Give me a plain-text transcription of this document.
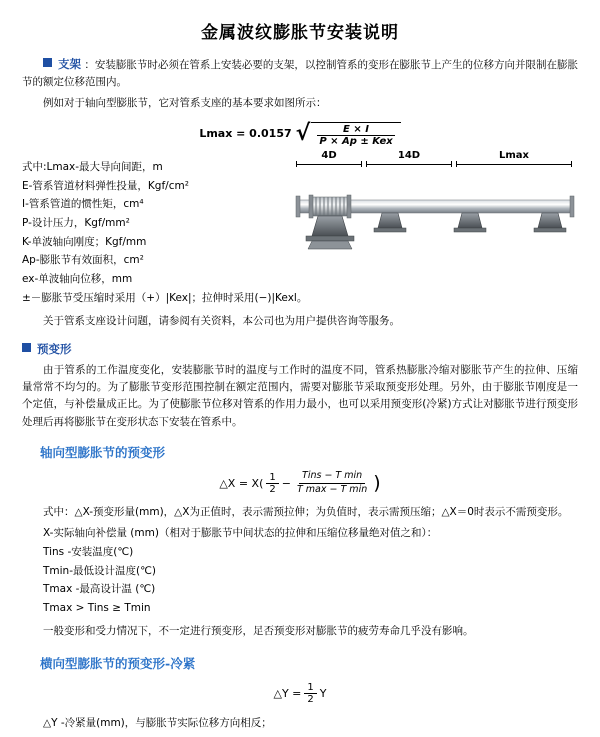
金属波纹膨胀节安装说明

支架 ：安装膨胀节时必须在管系上安装必要的支架，以控制管系的变形在膨胀节上产生的位移方向并限制在膨胀节的额定位移范围内。

例如对于轴向型膨胀节，它对管系支座的基本要求如图所示：

Lmax = 0.0157 √ $\frac{E \times I}{\text{P × Ap ± Kex}}$
4D	14D	Lmax
式中:Lmax-最大导向间距，m
E-管系管道材料弹性投量，Kgf/cm²
I-管系管道的惯性矩，cm⁴
P-设计压力，Kgf/mm²
K-单波轴向刚度；Kgf/mm
Ap-膨胀节有效面积，cm²
ex-单波轴向位移，mm
±－膨胀节受压缩时采用（+）|Kex|；拉伸时采用(−)|Kexl。

关于管系支座设计问题，请参阅有关资料，本公司也为用户提供咨询等服务。

预变形

由于管系的工作温度变化，安装膨胀节时的温度与工作时的温度不同，管系热膨胀冷缩对膨胀节产生的拉伸、压缩量常常不均匀的。为了膨胀节变形范围控制在额定范围内，需要对膨胀节采取预变形处理。另外，由于膨胀节刚度是一个定值，与补偿量成正比。为了使膨胀节位移对管系的作用力最小，也可以采用预变形(冷紧)方式让对膨胀节进行预变形处理后再将膨胀节在变形状态下安装在管系中。

轴向型膨胀节的预变形
△X = X( 1
$2 - \frac{\text{Tins − T min}}{\text{T max − T min}}$ )

式中：△X-预变形量(mm)，△X为正值时，表示需预拉伸；为负值时，表示需预压缩；△X＝0时表示不需预变形。

X-实际轴向补偿量 (mm)（相对于膨胀节中间状态的拉伸和压缩位移量绝对值之和）：
Tins -安装温度(℃)
Tmin-最低设计温度(℃)
Tmax -最高设计温 (℃)
Tmax > Tins ≥ Tmin

一般变形和受力情况下，不一定进行预变形，足否预变形对膨胀节的疲劳寿命几乎没有影响。

横向型膨胀节的预变形-冷紧
△Y = $\frac{1}{2}$ Y

△Y -冷紧量(mm)，与膨胀节实际位移方向相反；
